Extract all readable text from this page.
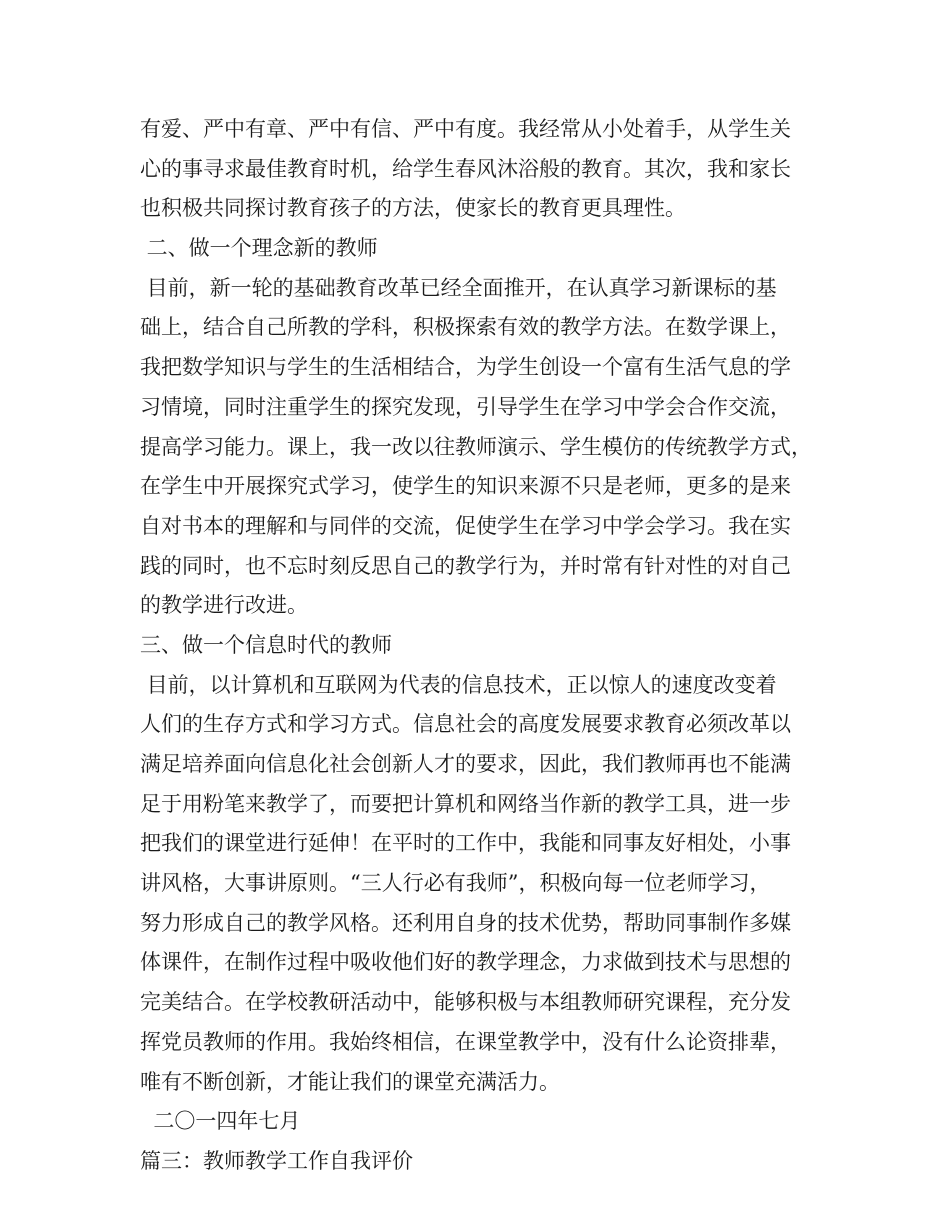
有爱、严中有章、严中有信、严中有度。我经常从小处着手，从学生关
心的事寻求最佳教育时机，给学生春风沐浴般的教育。其次，我和家长
也积极共同探讨教育孩子的方法，使家长的教育更具理性。
二、做一个理念新的教师
目前，新一轮的基础教育改革已经全面推开，在认真学习新课标的基
础上，结合自己所教的学科，积极探索有效的教学方法。在数学课上，
我把数学知识与学生的生活相结合，为学生创设一个富有生活气息的学
习情境，同时注重学生的探究发现，引导学生在学习中学会合作交流，
提高学习能力。课上，我一改以往教师演示、学生模仿的传统教学方式，
在学生中开展探究式学习，使学生的知识来源不只是老师，更多的是来
自对书本的理解和与同伴的交流，促使学生在学习中学会学习。我在实
践的同时，也不忘时刻反思自己的教学行为，并时常有针对性的对自己
的教学进行改进。
三、做一个信息时代的教师
目前，以计算机和互联网为代表的信息技术，正以惊人的速度改变着
人们的生存方式和学习方式。信息社会的高度发展要求教育必须改革以
满足培养面向信息化社会创新人才的要求，因此，我们教师再也不能满
足于用粉笔来教学了，而要把计算机和网络当作新的教学工具，进一步
把我们的课堂进行延伸！在平时的工作中，我能和同事友好相处，小事
讲风格，大事讲原则。“三人行必有我师”，积极向每一位老师学习，
努力形成自己的教学风格。还利用自身的技术优势，帮助同事制作多媒
体课件，在制作过程中吸收他们好的教学理念，力求做到技术与思想的
完美结合。在学校教研活动中，能够积极与本组教师研究课程，充分发
挥党员教师的作用。我始终相信，在课堂教学中，没有什么论资排辈，
唯有不断创新，才能让我们的课堂充满活力。
二〇一四年七月
篇三：教师教学工作自我评价
